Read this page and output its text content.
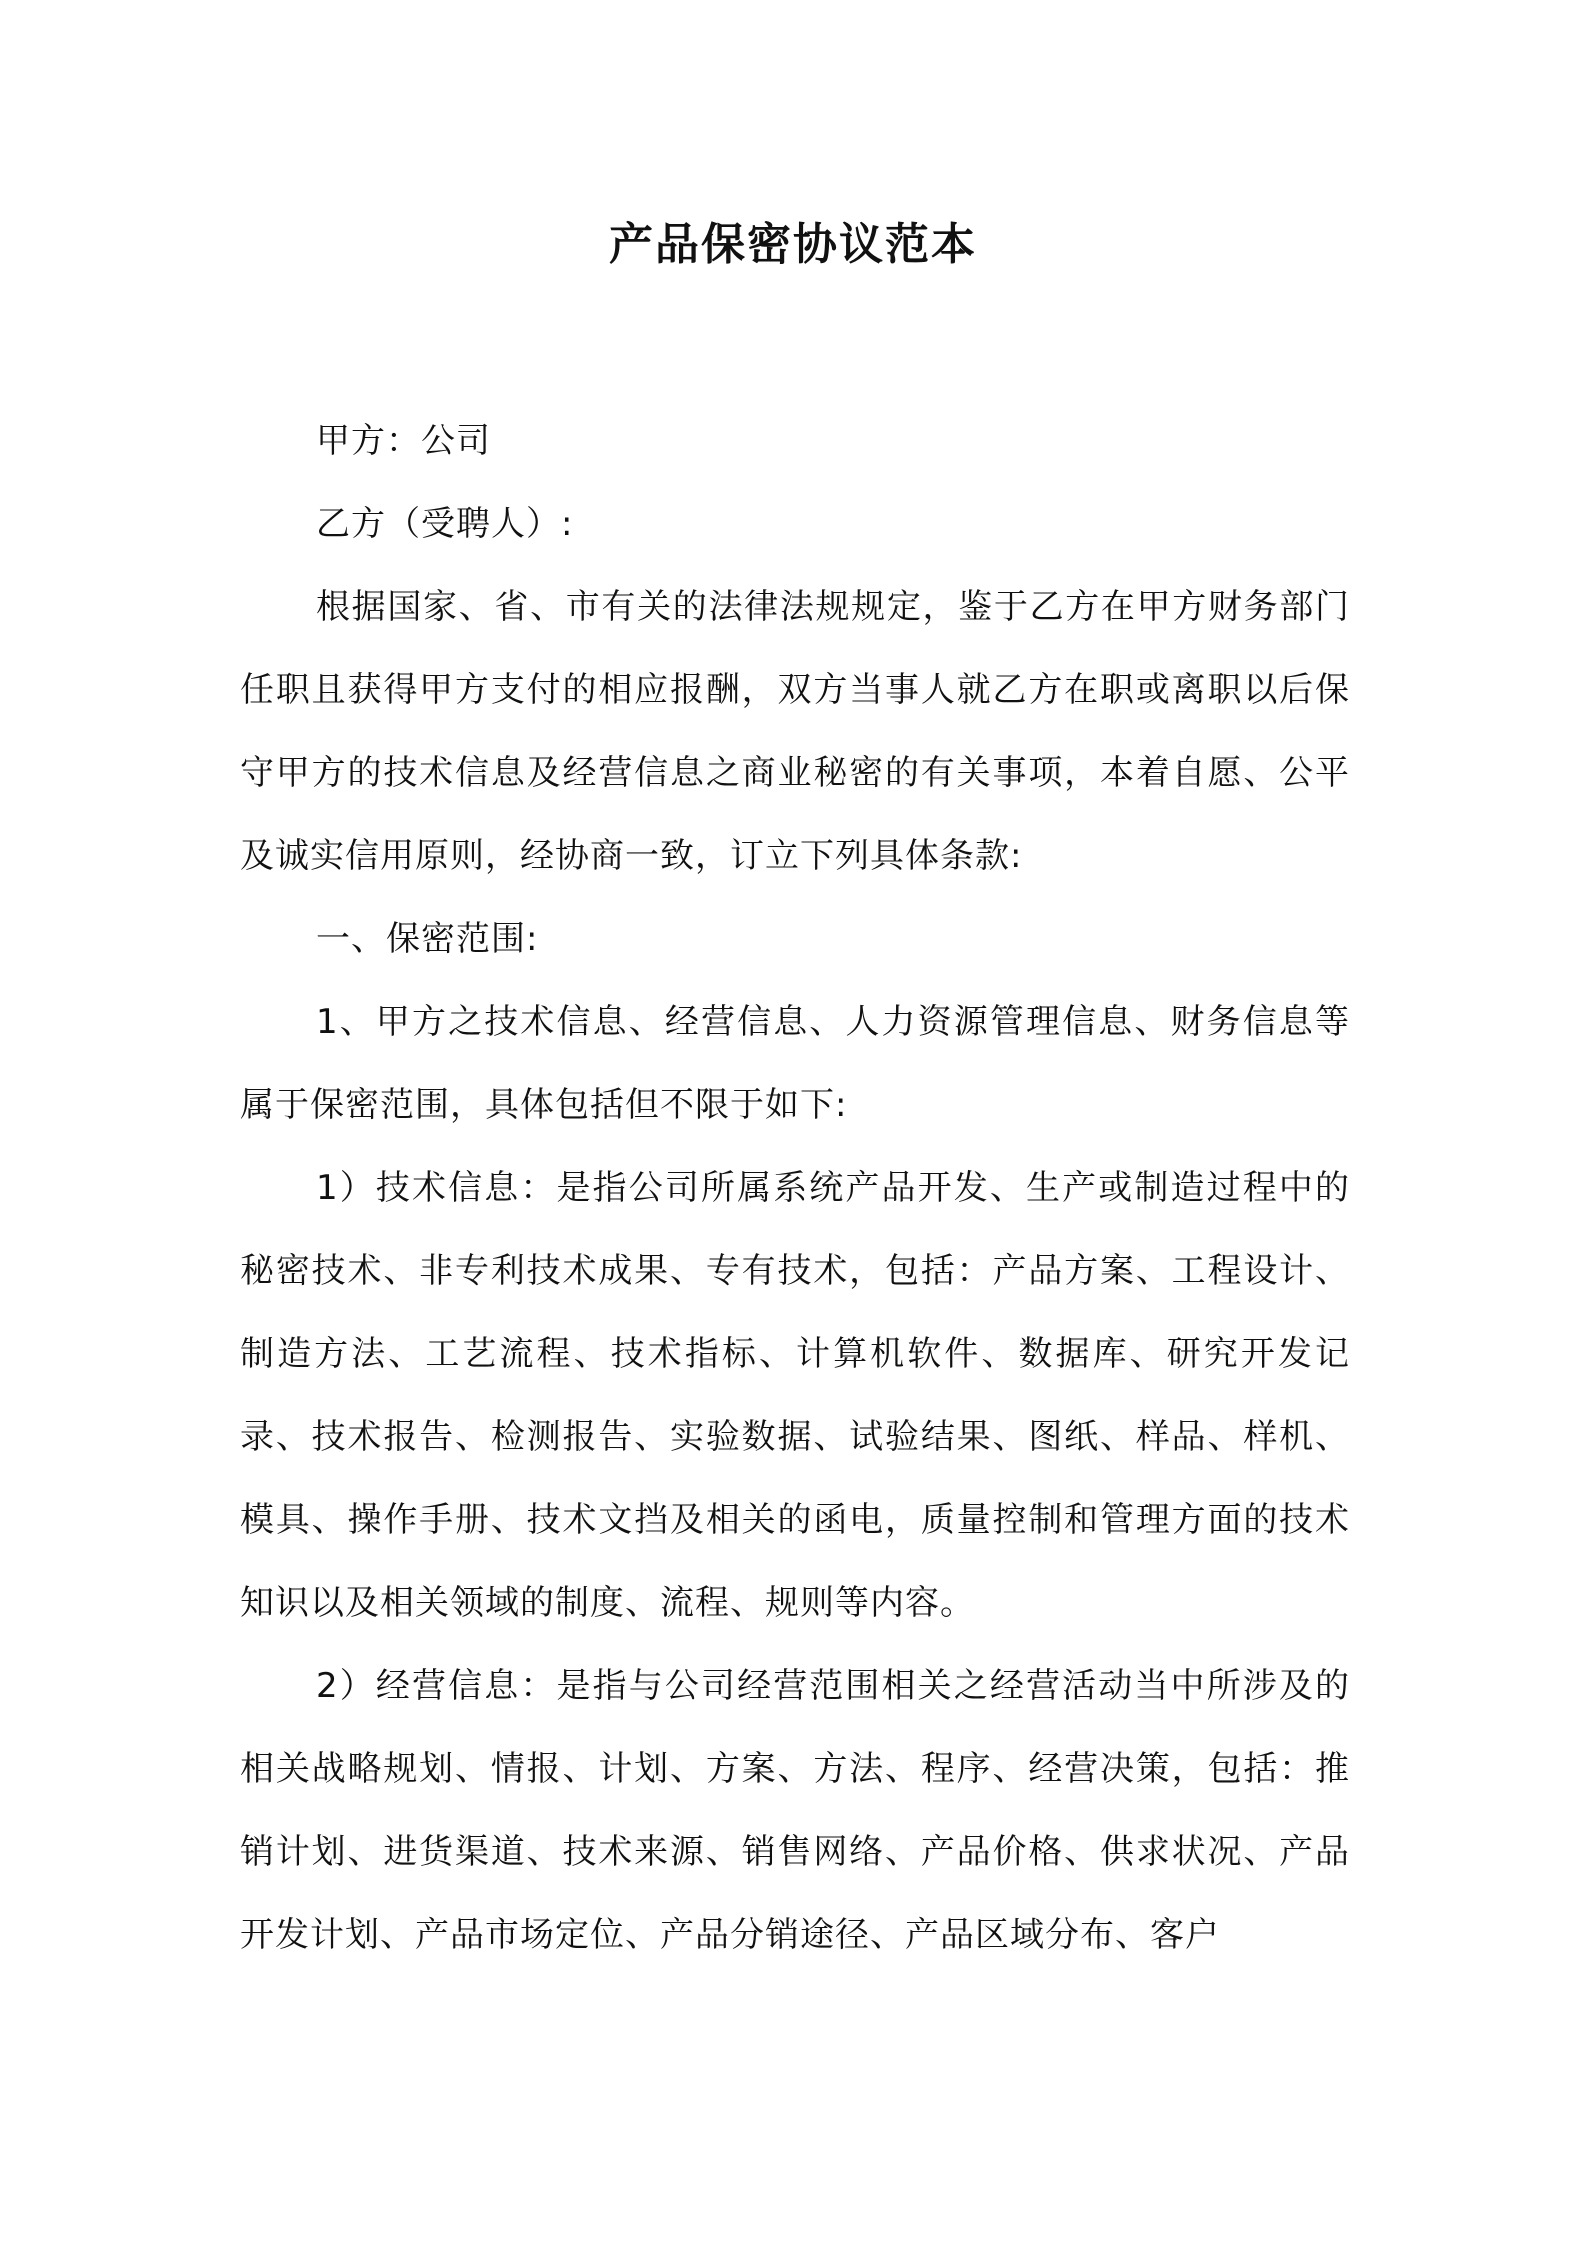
产品保密协议范本

甲方：公司

乙方（受聘人）:

根据国家、省、市有关的法律法规规定，鉴于乙方在甲方财务部门任职且获得甲方支付的相应报酬，双方当事人就乙方在职或离职以后保守甲方的技术信息及经营信息之商业秘密的有关事项，本着自愿、公平及诚实信用原则，经协商一致，订立下列具体条款:

一、保密范围:

1、甲方之技术信息、经营信息、人力资源管理信息、财务信息等属于保密范围，具体包括但不限于如下:

1）技术信息：是指公司所属系统产品开发、生产或制造过程中的秘密技术、非专利技术成果、专有技术，包括：产品方案、工程设计、制造方法、工艺流程、技术指标、计算机软件、数据库、研究开发记录、技术报告、检测报告、实验数据、试验结果、图纸、样品、样机、模具、操作手册、技术文挡及相关的函电，质量控制和管理方面的技术知识以及相关领域的制度、流程、规则等内容。

2）经营信息：是指与公司经营范围相关之经营活动当中所涉及的相关战略规划、情报、计划、方案、方法、程序、经营决策，包括：推销计划、进货渠道、技术来源、销售网络、产品价格、供求状况、产品开发计划、产品市场定位、产品分销途径、产品区域分布、客户
